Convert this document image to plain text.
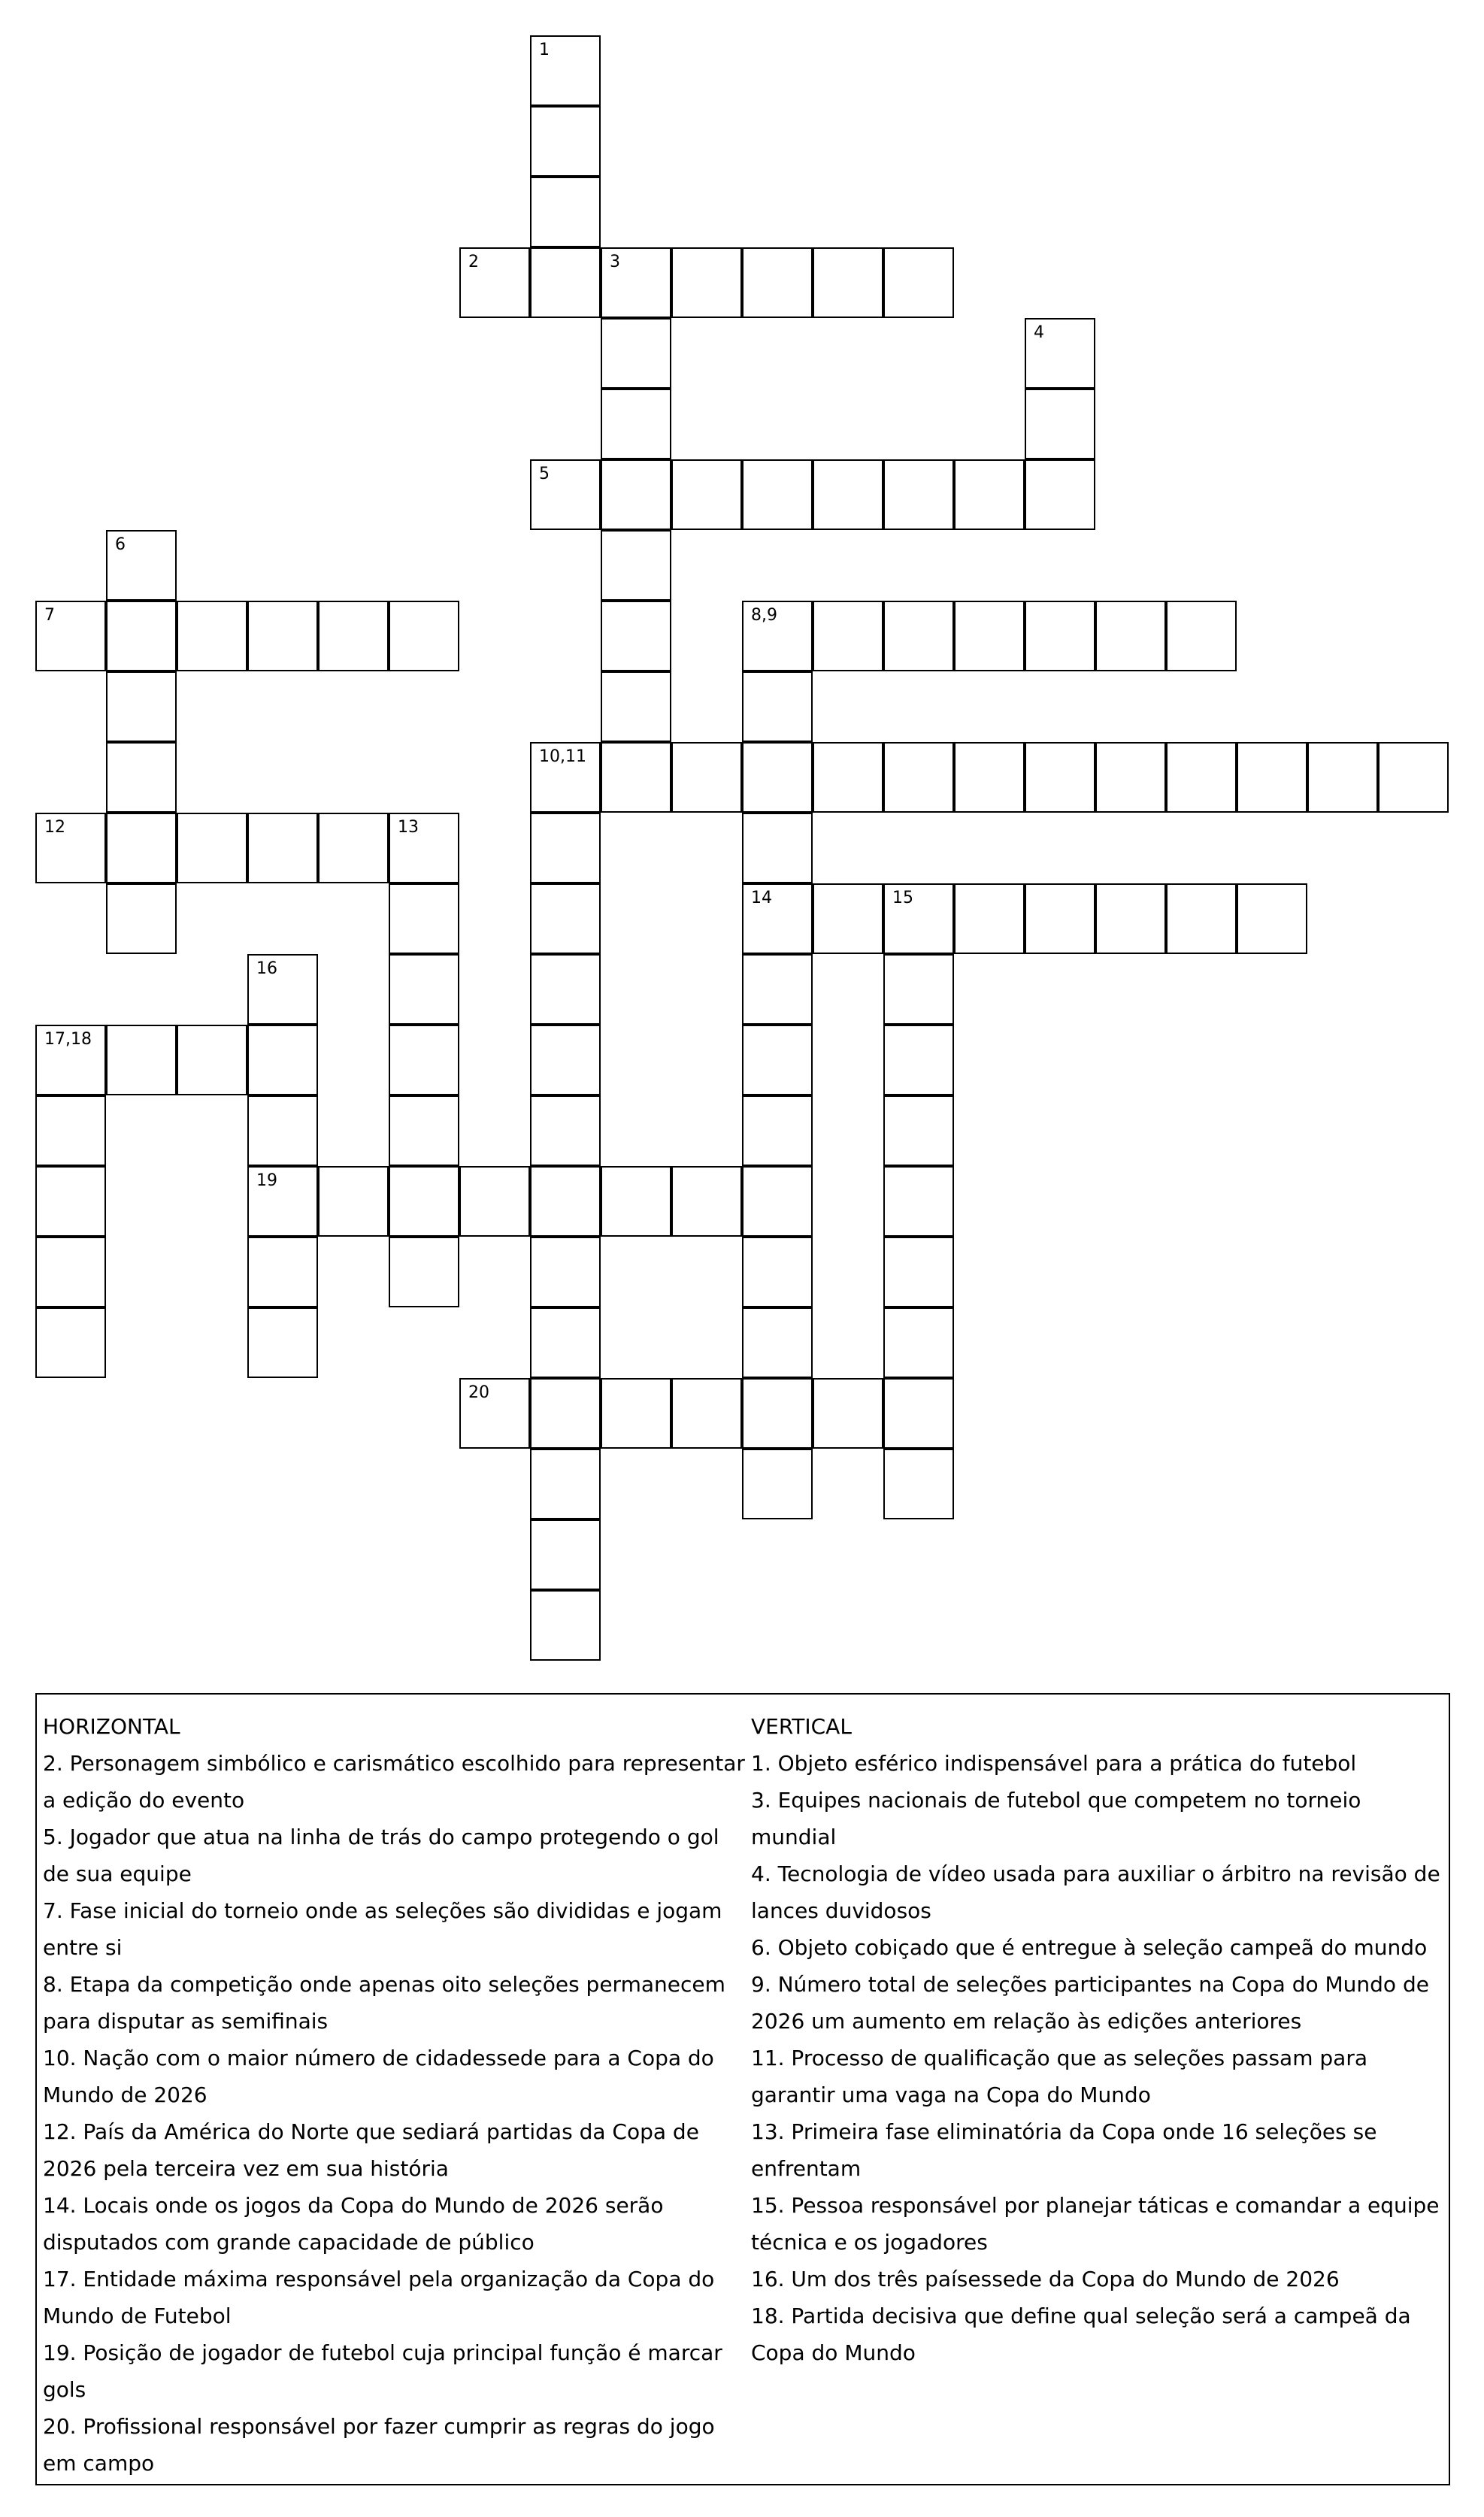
1
2	3
4
5
6
7	8,9
10,11
12	13
14	15
16
19
17,18
20
HORIZONTAL
2. Personagem simbólico e carismático escolhido para representar a edição do evento
5. Jogador que atua na linha de trás do campo protegendo o gol de sua equipe
7. Fase inicial do torneio onde as seleções são divididas e jogam entre si
8. Etapa da competição onde apenas oito seleções permanecem para disputar as semifinais
10. Nação com o maior número de cidadessede para a Copa do Mundo de 2026
12. País da América do Norte que sediará partidas da Copa de 2026 pela terceira vez em sua história
14. Locais onde os jogos da Copa do Mundo de 2026 serão disputados com grande capacidade de público
17. Entidade máxima responsável pela organização da Copa do Mundo de Futebol
19. Posição de jogador de futebol cuja principal função é marcar gols
20. Profissional responsável por fazer cumprir as regras do jogo em campo
VERTICAL
1. Objeto esférico indispensável para a prática do futebol
3. Equipes nacionais de futebol que competem no torneio mundial
4. Tecnologia de vídeo usada para auxiliar o árbitro na revisão de lances duvidosos
6. Objeto cobiçado que é entregue à seleção campeã do mundo
9. Número total de seleções participantes na Copa do Mundo de 2026 um aumento em relação às edições anteriores
11. Processo de qualificação que as seleções passam para garantir uma vaga na Copa do Mundo
13. Primeira fase eliminatória da Copa onde 16 seleções se enfrentam
15. Pessoa responsável por planejar táticas e comandar a equipe técnica e os jogadores
16. Um dos três paísessede da Copa do Mundo de 2026
18. Partida decisiva que define qual seleção será a campeã da Copa do Mundo
